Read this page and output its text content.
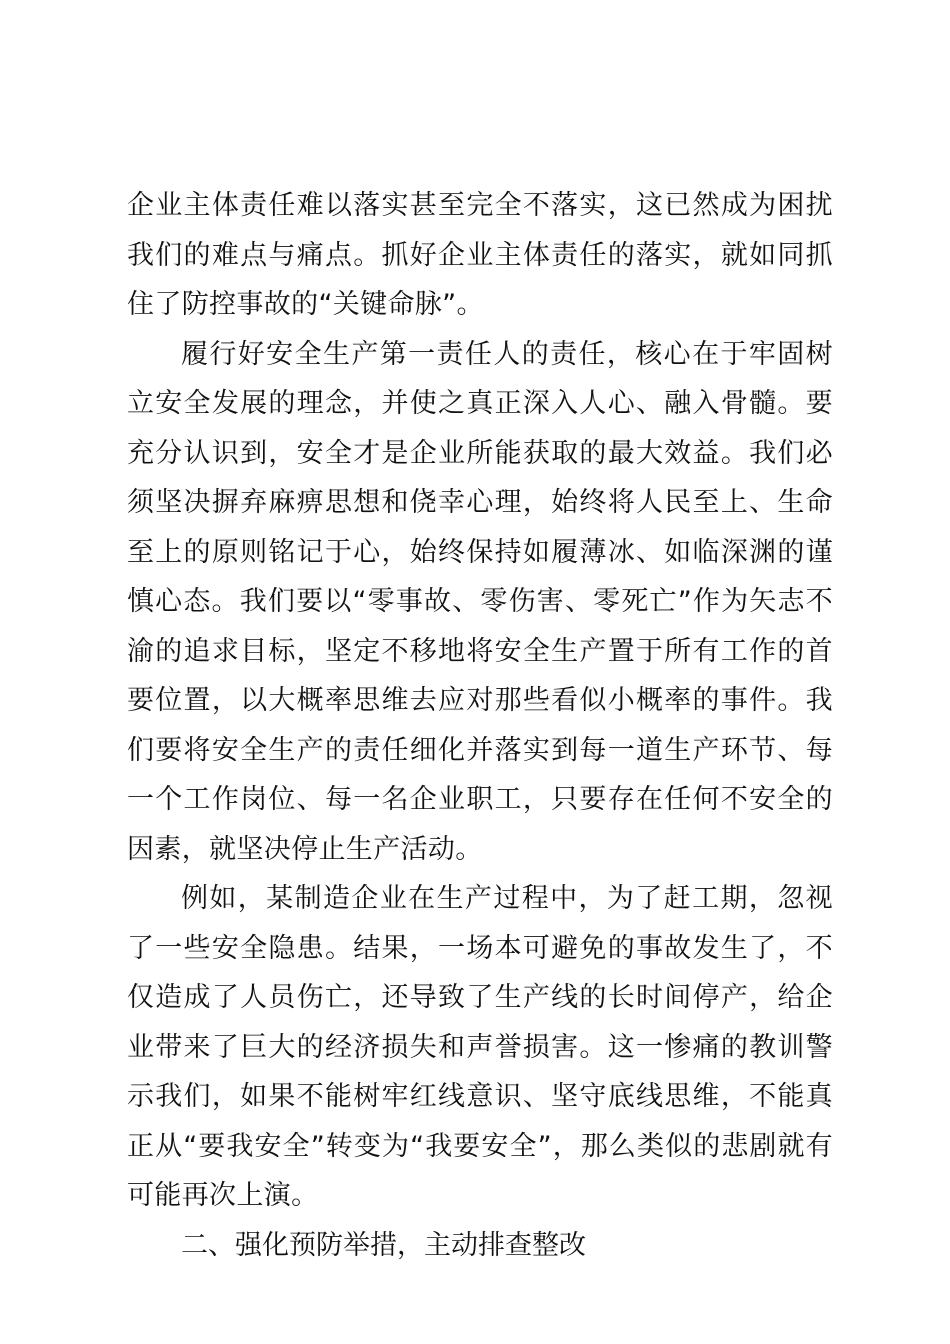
企业主体责任难以落实甚至完全不落实，这已然成为困扰我们的难点与痛点。抓好企业主体责任的落实，就如同抓住了防控事故的“关键命脉”。

履行好安全生产第一责任人的责任，核心在于牢固树立安全发展的理念，并使之真正深入人心、融入骨髓。要充分认识到，安全才是企业所能获取的最大效益。我们必须坚决摒弃麻痹思想和侥幸心理，始终将人民至上、生命至上的原则铭记于心，始终保持如履薄冰、如临深渊的谨慎心态。我们要以“零事故、零伤害、零死亡”作为矢志不渝的追求目标，坚定不移地将安全生产置于所有工作的首要位置，以大概率思维去应对那些看似小概率的事件。我们要将安全生产的责任细化并落实到每一道生产环节、每一个工作岗位、每一名企业职工，只要存在任何不安全的因素，就坚决停止生产活动。

例如，某制造企业在生产过程中，为了赶工期，忽视了一些安全隐患。结果，一场本可避免的事故发生了，不仅造成了人员伤亡，还导致了生产线的长时间停产，给企业带来了巨大的经济损失和声誉损害。这一惨痛的教训警示我们，如果不能树牢红线意识、坚守底线思维，不能真正从“要我安全”转变为“我要安全”，那么类似的悲剧就有可能再次上演。

二、强化预防举措，主动排查整改
